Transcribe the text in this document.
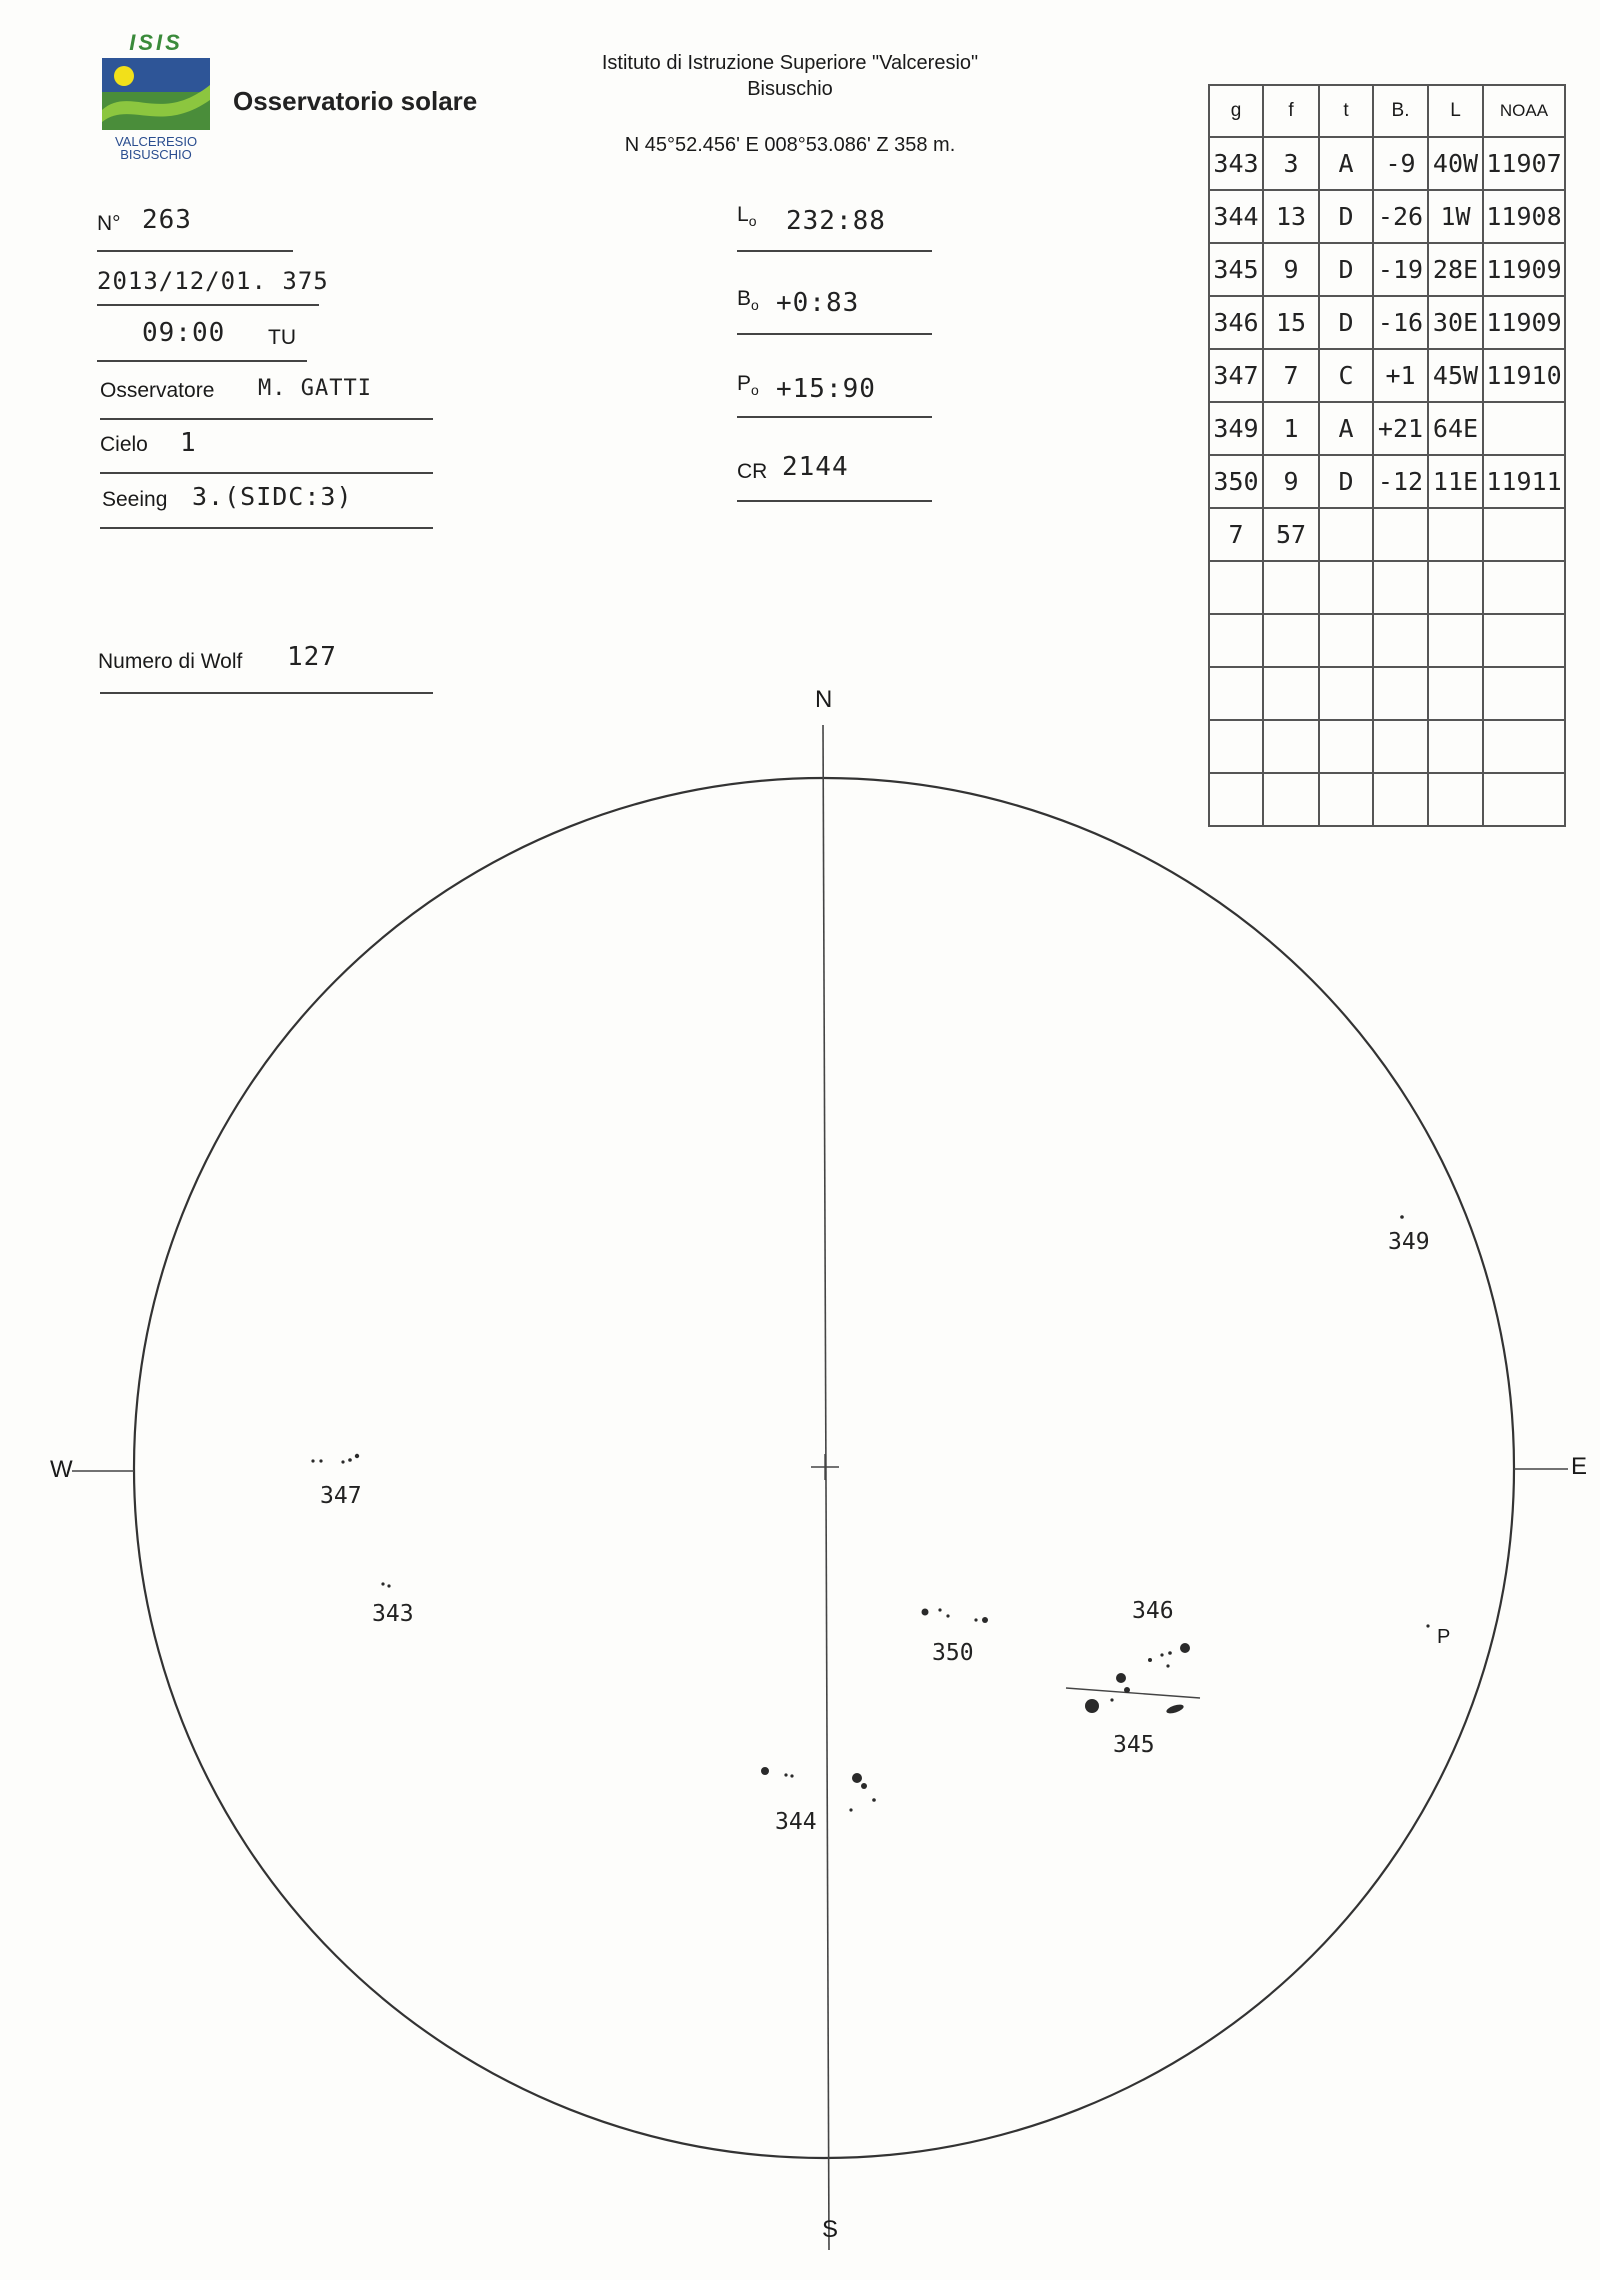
ISIS
VALCERESIO
BISUSCHIO
Osservatorio solare
Istituto di Istruzione Superiore "Valceresio"
Bisuschio
N 45°52.456' E 008°53.086' Z 358 m.
N° 263
2013/12/01. 375
09:00 TU
Osservatore M. GATTI
Cielo 1
Seeing 3.(SIDC:3)
Numero di Wolf 127
$L_o$ 232:88
$B_o$ +0:83
$P_o$ +15:90
CR 2144
g	f	t	B.	L	NOAA
343	3	A	-9	40W	11907
344	13	D	-26	1W	11908
345	9	D	-19	28E	11909
346	15	D	-16	30E	11909
347	7	C	+1	45W	11910
349	1	A	+21	64E	
350	9	D	-12	11E	11911
7	57				

N
S
W	E
P
347
343
350
346
345
344
349
